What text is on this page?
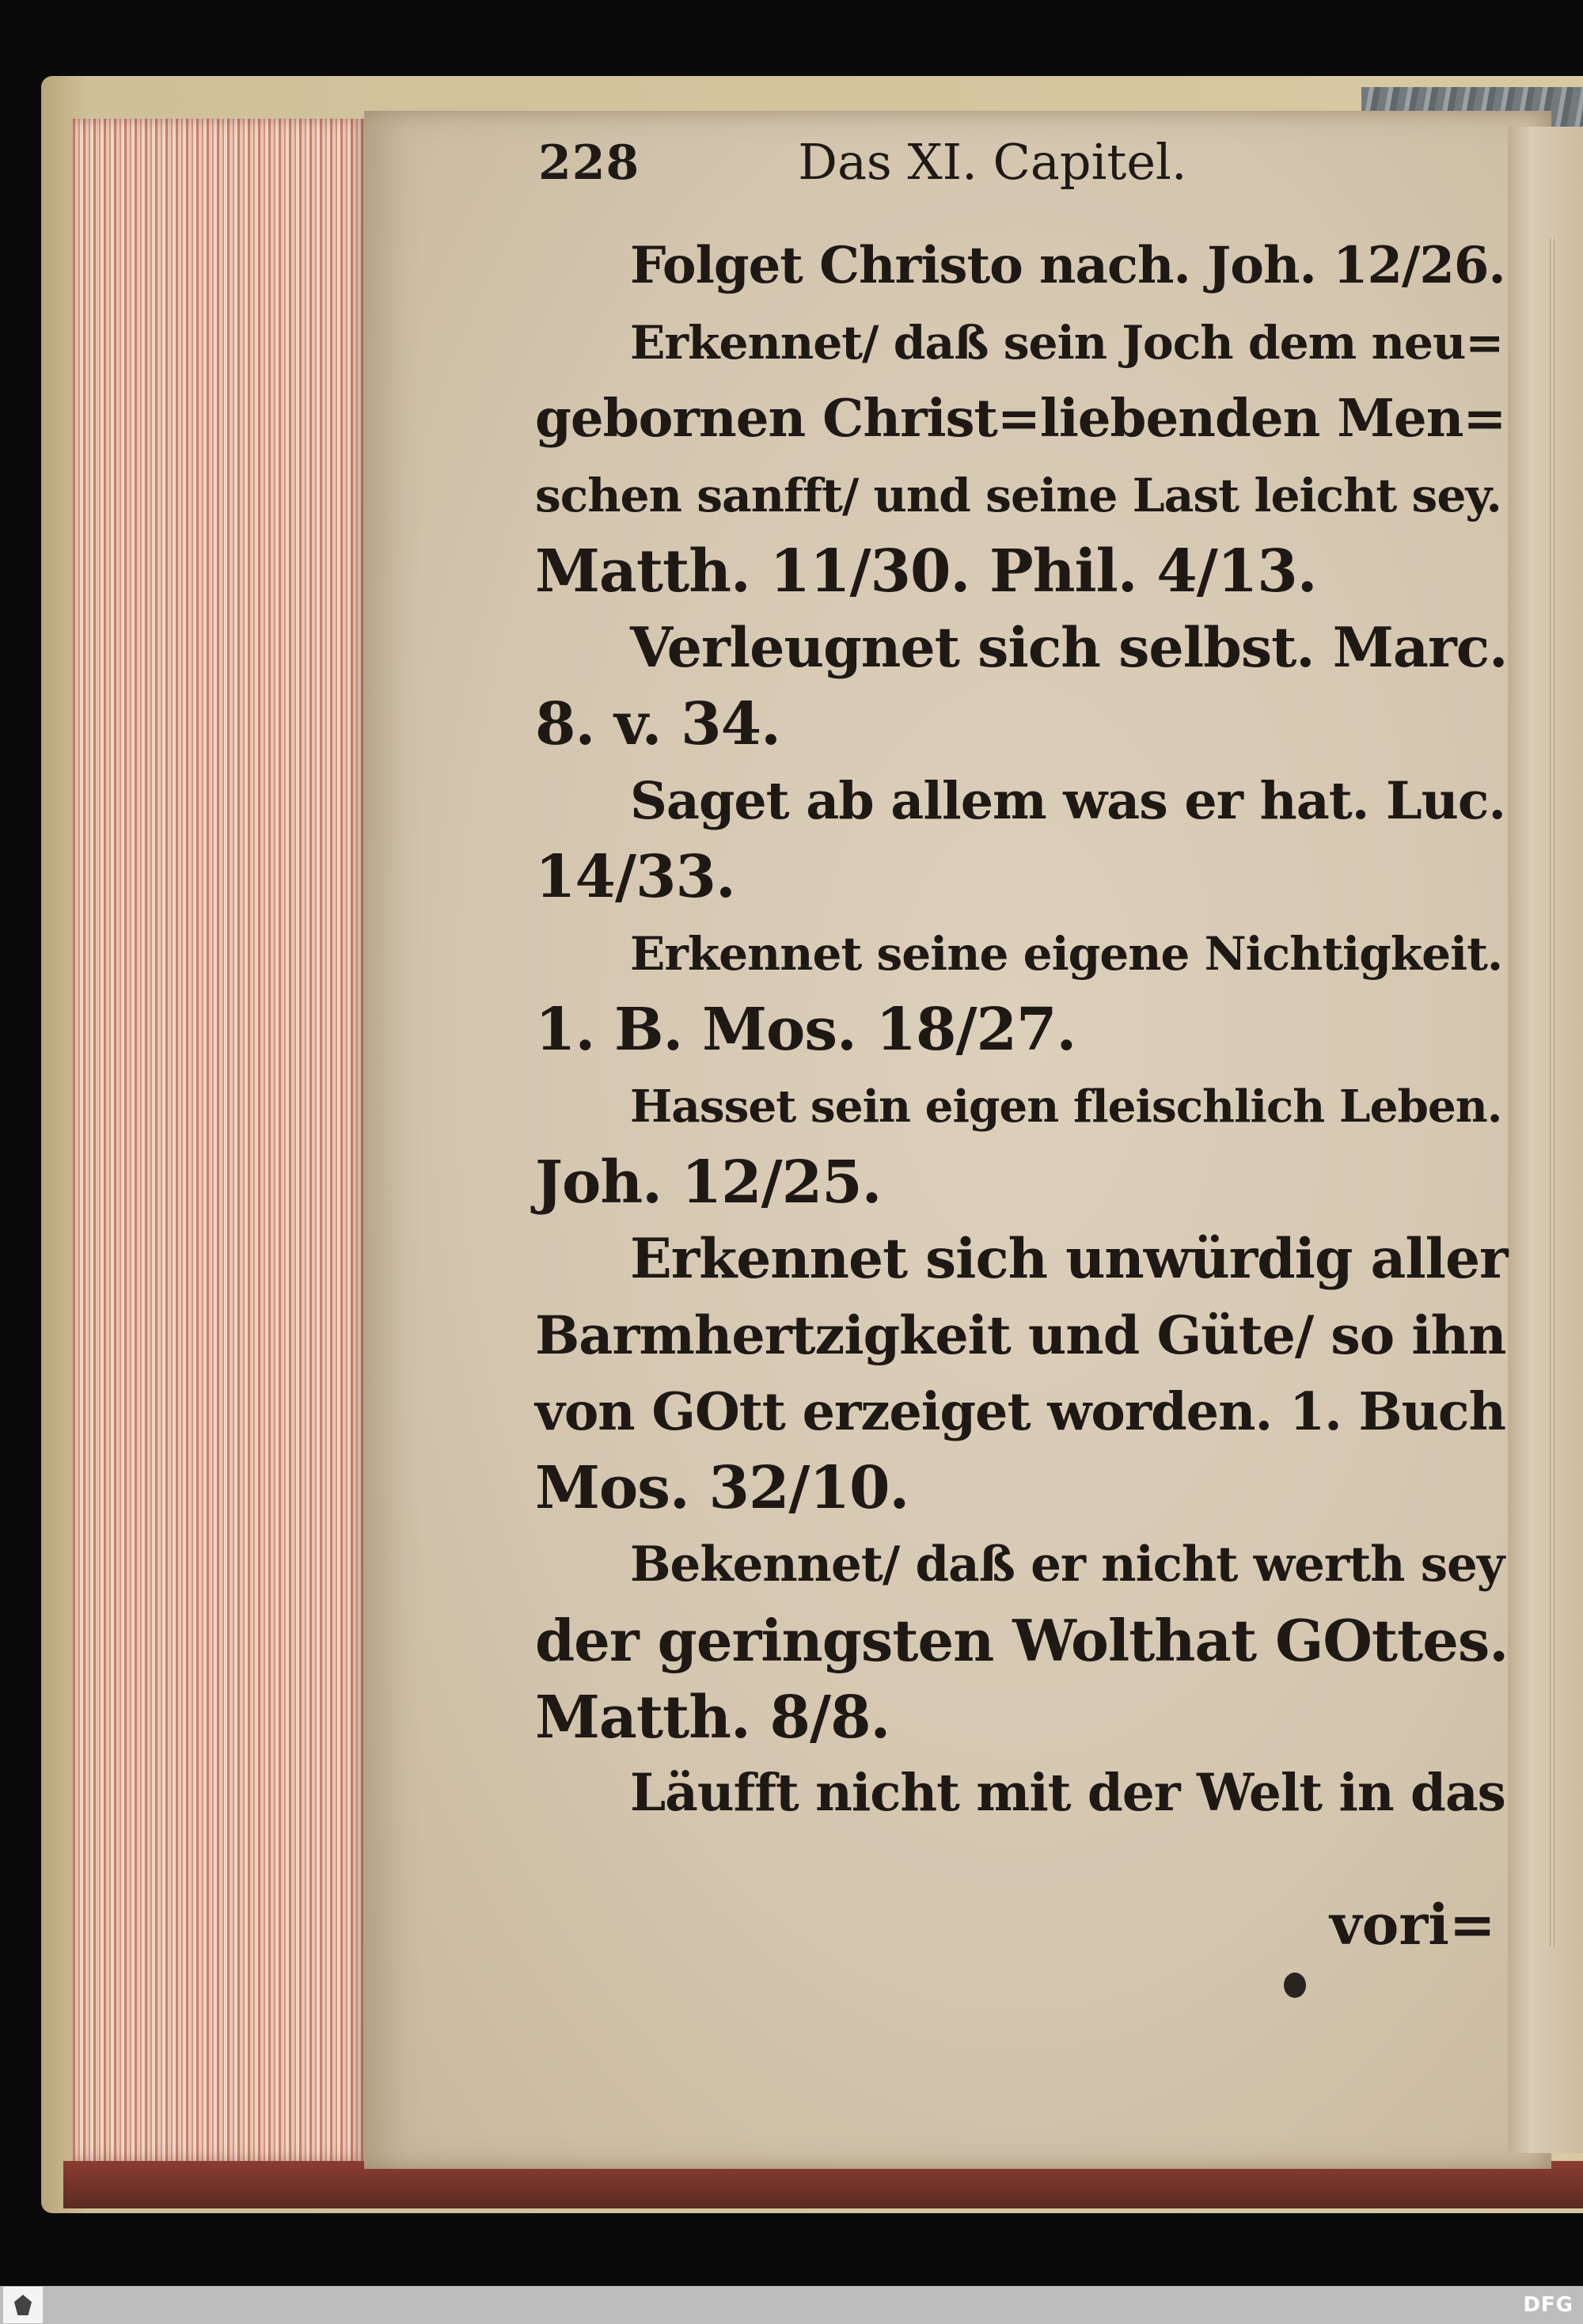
228	Das XI. Capitel.
Folget Christo nach. Joh. 12/26.
Erkennet/ daß sein Joch dem neu=
gebornen Christ=liebenden Men=
schen sanfft/ und seine Last leicht sey.
Matth. 11/30. Phil. 4/13.
Verleugnet sich selbst. Marc.
8. v. 34.
Saget ab allem was er hat. Luc.
14/33.
Erkennet seine eigene Nichtigkeit.
1. B. Mos. 18/27.
Hasset sein eigen fleischlich Leben.
Joh. 12/25.
Erkennet sich unwürdig aller
Barmhertzigkeit und Güte/ so ihn
von GOtt erzeiget worden. 1. Buch
Mos. 32/10.
Bekennet/ daß er nicht werth sey
der geringsten Wolthat GOttes.
Matth. 8/8.
Läufft nicht mit der Welt in das
vori=
DFG
